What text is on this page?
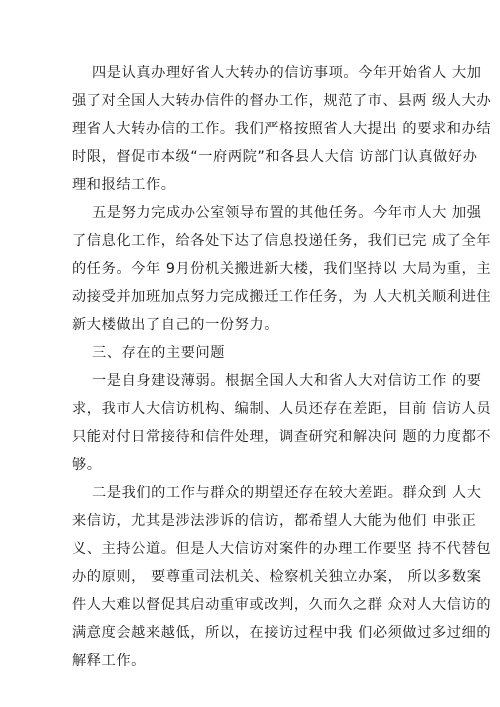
四是认真办理好省人大转办的信访事项。今年开始省人 大加
强了对全国人大转办信件的督办工作，规范了市、县两 级人大办
理省人大转办信的工作。我们严格按照省人大提出 的要求和办结
时限，督促市本级“一府两院”和各县人大信 访部门认真做好办
理和报结工作。
五是努力完成办公室领导布置的其他任务。今年市人大 加强
了信息化工作，给各处下达了信息投递任务，我们已完 成了全年
的任务。今年 9月份机关搬进新大楼，我们坚持以 大局为重，主
动接受并加班加点努力完成搬迁工作任务，为 人大机关顺利进住
新大楼做出了自己的一份努力。
三、存在的主要问题
一是自身建设薄弱。根据全国人大和省人大对信访工作 的要
求，我市人大信访机构、编制、人员还存在差距，目前 信访人员
只能对付日常接待和信件处理，调查研究和解决问 题的力度都不
够。
二是我们的工作与群众的期望还存在较大差距。群众到 人大
来信访，尤其是涉法涉诉的信访，都希望人大能为他们 申张正
义、主持公道。但是人大信访对案件的办理工作要坚 持不代替包
办的原则， 要尊重司法机关、检察机关独立办案， 所以多数案
件人大难以督促其启动重审或改判，久而久之群 众对人大信访的
满意度会越来越低，所以，在接访过程中我 们必须做过多过细的
解释工作。
